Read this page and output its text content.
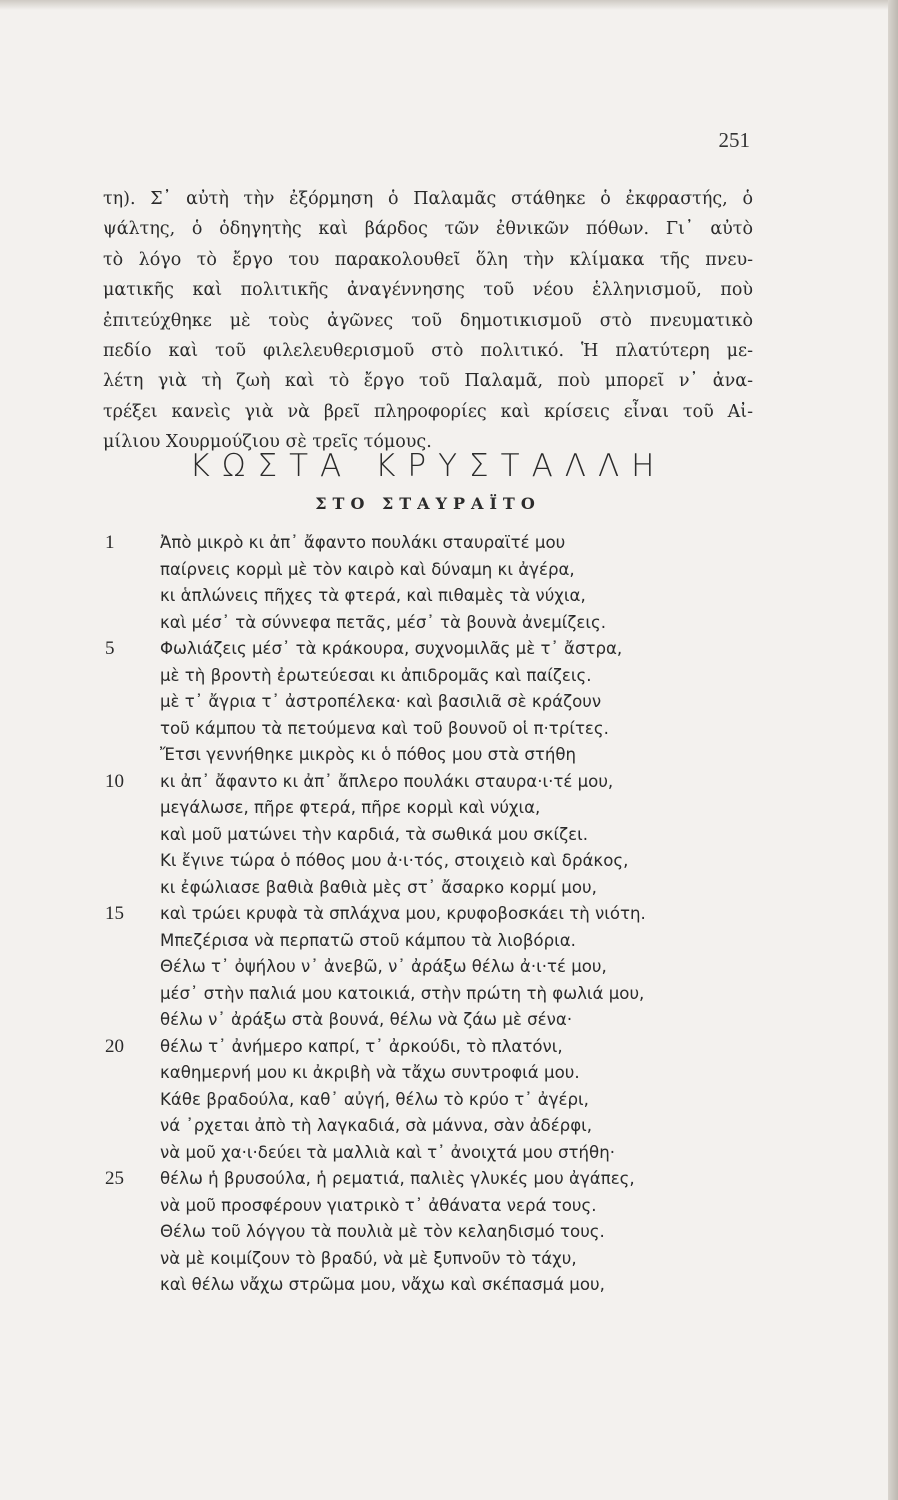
251
τη). Σ᾿ αὐτὴ τὴν ἐξόρμηση ὁ Παλαμᾶς στάθηκε ὁ ἐκφραστής, ὁ
ψάλτης, ὁ ὁδηγητὴς καὶ βάρδος τῶν ἐθνικῶν πόθων. Γι᾿ αὐτὸ
τὸ λόγο τὸ ἔργο του παρακολουθεῖ ὅλη τὴν κλίμακα τῆς πνευ-
ματικῆς καὶ πολιτικῆς ἀναγέννησης τοῦ νέου ἑλληνισμοῦ, ποὺ
ἐπιτεύχθηκε μὲ τοὺς ἀγῶνες τοῦ δημοτικισμοῦ στὸ πνευματικὸ
πεδίο καὶ τοῦ φιλελευθερισμοῦ στὸ πολιτικό. Ἡ πλατύτερη με-
λέτη γιὰ τὴ ζωὴ καὶ τὸ ἔργο τοῦ Παλαμᾶ, ποὺ μπορεῖ ν᾿ ἀνα-
τρέξει κανεὶς γιὰ νὰ βρεῖ πληροφορίες καὶ κρίσεις εἶναι τοῦ Αἰ-
μίλιου Χουρμούζιου σὲ τρεῖς τόμους.
ΚΩΣΤΑ ΚΡΥΣΤΑΛΛΗ
ΣΤΟ ΣΤΑΥΡΑΪΤΟ
1	Ἀπὸ μικρὸ κι ἀπ᾿ ἄφαντο πουλάκι σταυραϊτέ μου
παίρνεις κορμὶ μὲ τὸν καιρὸ καὶ δύναμη κι ἀγέρα,
κι ἁπλώνεις πῆχες τὰ φτερά, καὶ πιθαμὲς τὰ νύχια,
καὶ μέσ᾿ τὰ σύννεφα πετᾶς, μέσ᾿ τὰ βουνὰ ἀνεμίζεις.
5	Φωλιάζεις μέσ᾿ τὰ κράκουρα, συχνομιλᾶς μὲ τ᾿ ἄστρα,
μὲ τὴ βροντὴ ἐρωτεύεσαι κι ἀπιδρομᾶς καὶ παίζεις.
μὲ τ᾿ ἄγρια τ᾿ ἀστροπέλεκα· καὶ βασιλιᾶ σὲ κράζουν
τοῦ κάμπου τὰ πετούμενα καὶ τοῦ βουνοῦ οἱ π·τρίτες.
Ἔτσι γεννήθηκε μικρὸς κι ὁ πόθος μου στὰ στήθη
10	κι ἀπ᾿ ἄφαντο κι ἀπ᾿ ἄπλερο πουλάκι σταυρα·ι·τέ μου,
μεγάλωσε, πῆρε φτερά, πῆρε κορμὶ καὶ νύχια,
καὶ μοῦ ματώνει τὴν καρδιά, τὰ σωθικά μου σκίζει.
Κι ἔγινε τώρα ὁ πόθος μου ἀ·ι·τός, στοιχειὸ καὶ δράκος,
κι ἐφώλιασε βαθιὰ βαθιὰ μὲς στ᾿ ἄσαρκο κορμί μου,
15	καὶ τρώει κρυφὰ τὰ σπλάχνα μου, κρυφοβοσκάει τὴ νιότη.
Μπεζέρισα νὰ περπατῶ στοῦ κάμπου τὰ λιοβόρια.
Θέλω τ᾿ ὀψήλου ν᾿ ἀνεβῶ, ν᾿ ἀράξω θέλω ἀ·ι·τέ μου,
μέσ᾿ στὴν παλιά μου κατοικιά, στὴν πρώτη τὴ φωλιά μου,
θέλω ν᾿ ἀράξω στὰ βουνά, θέλω νὰ ζάω μὲ σένα·
20	θέλω τ᾿ ἀνήμερο καπρί, τ᾿ ἀρκούδι, τὸ πλατόνι,
καθημερνή μου κι ἀκριβὴ νὰ τἄχω συντροφιά μου.
Κάθε βραδούλα, καθ᾿ αὐγή, θέλω τὸ κρύο τ᾿ ἀγέρι,
νά ᾿ρχεται ἀπὸ τὴ λαγκαδιά, σὰ μάννα, σὰν ἀδέρφι,
νὰ μοῦ χα·ι·δεύει τὰ μαλλιὰ καὶ τ᾿ ἀνοιχτά μου στήθη·
25	θέλω ἡ βρυσούλα, ἡ ρεματιά, παλιὲς γλυκές μου ἀγάπες,
νὰ μοῦ προσφέρουν γιατρικὸ τ᾿ ἀθάνατα νερά τους.
Θέλω τοῦ λόγγου τὰ πουλιὰ μὲ τὸν κελαηδισμό τους.
νὰ μὲ κοιμίζουν τὸ βραδύ, νὰ μὲ ξυπνοῦν τὸ τάχυ,
καὶ θέλω νἄχω στρῶμα μου, νἄχω καὶ σκέπασμά μου,
